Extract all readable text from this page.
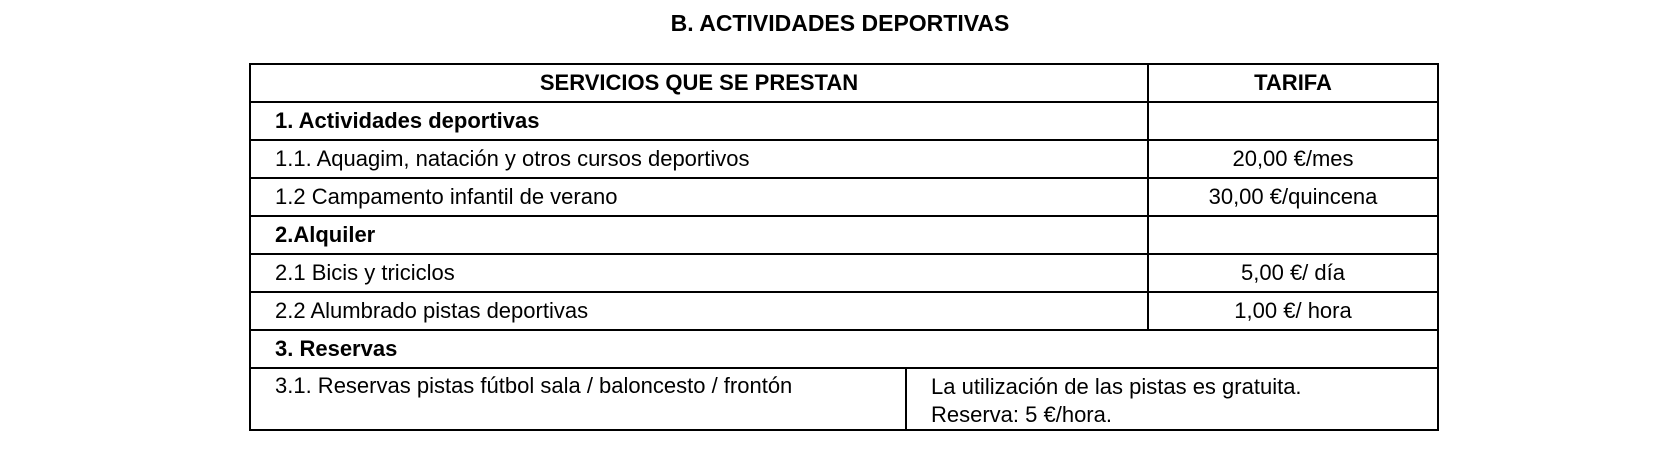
B. ACTIVIDADES DEPORTIVAS
SERVICIOS QUE SE PRESTAN		TARIFA
1. Actividades deportivas		
1.1. Aquagim, natación y otros cursos deportivos		20,00 €/mes
1.2 Campamento infantil de verano		30,00 €/quincena
2.Alquiler		
2.1 Bicis y triciclos		5,00 €/ día
2.2 Alumbrado pistas deportivas		1,00 €/ hora
3. Reservas		
3.1. Reservas pistas fútbol sala / baloncesto / frontón	La utilización de las pistas es gratuita.
Reserva: 5 €/hora.	
